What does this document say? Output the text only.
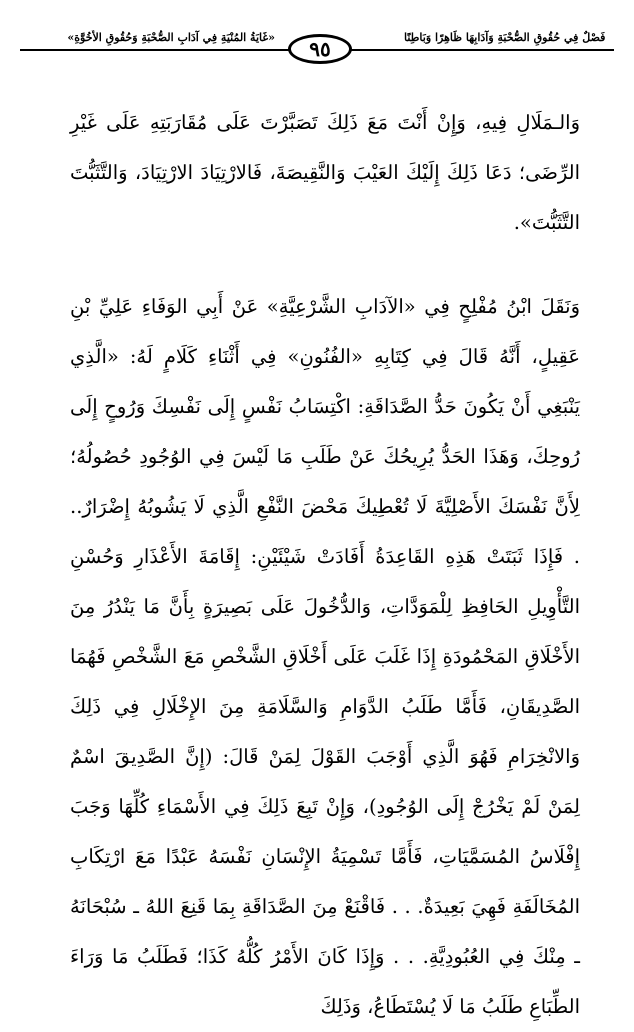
«غَايَةُ المُنْيَةِ فِي آدَابِ الصُّحْبَةِ وَحُقُوقِ الأُخُوَّةِ»	٩٥	فَصْلٌ فِي حُقُوقِ الصُّحْبَةِ وَآدَابِهَا ظَاهِرًا وَبَاطِنًا

وَالـمَلَالِ فِيهِ، وَإِنْ أَنْتَ مَعَ ذَلِكَ تَصَبَّرْتَ عَلَى مُقَارَبَتِهِ عَلَى غَيْرِ الرِّضَى؛ دَعَا ذَلِكَ إِلَيْكَ العَيْبَ وَالنَّقِيصَةَ، فَالارْتِيَادَ الارْتِيَادَ، وَالتَّثَبُّتَ التَّثَبُّتَ».

وَنَقَلَ ابْنُ مُفْلِحٍ فِي «الآدَابِ الشَّرْعِيَّةِ» عَنْ أَبِي الوَفَاءِ عَلِيِّ بْنِ عَقِيلٍ، أَنَّهُ قَالَ فِي كِتَابِهِ «الفُنُونِ» فِي أَثْنَاءِ كَلَامٍ لَهُ: «الَّذِي يَنْبَغِي أَنْ يَكُونَ حَدُّ الصَّدَاقَةِ: اكْتِسَابُ نَفْسٍ إِلَى نَفْسِكَ وَرُوحٍ إِلَى رُوحِكَ، وَهَذَا الحَدُّ يُرِيحُكَ عَنْ طَلَبِ مَا لَيْسَ فِي الوُجُودِ حُصُولُهُ؛ لِأَنَّ نَفْسَكَ الأَصْلِيَّةَ لَا تُعْطِيكَ مَحْضَ النَّفْعِ الَّذِي لَا يَشُوبُهُ إِضْرَارٌ.. . فَإِذَا ثَبَتَتْ هَذِهِ القَاعِدَةُ أَفَادَتْ شَيْئَيْنِ: إِقَامَةَ الأَعْذَارِ وَحُسْنِ التَّأْوِيلِ الحَافِظِ لِلْمَوَدَّاتِ، وَالدُّخُولَ عَلَى بَصِيرَةٍ بِأَنَّ مَا يَنْدُرُ مِنَ الأَخْلَاقِ المَحْمُودَةِ إِذَا غَلَبَ عَلَى أَخْلَاقِ الشَّخْصِ مَعَ الشَّخْصِ فَهُمَا الصَّدِيقَانِ، فَأَمَّا طَلَبُ الدَّوَامِ وَالسَّلَامَةِ مِنَ الإِخْلَالِ فِي ذَلِكَ وَالانْخِرَامِ فَهُوَ الَّذِي أَوْجَبَ القَوْلَ لِمَنْ قَالَ: (إِنَّ الصَّدِيقَ اسْمٌ لِمَنْ لَمْ يَخْرُجْ إِلَى الوُجُودِ)، وَإِنْ تَبِعَ ذَلِكَ فِي الأَسْمَاءِ كُلِّهَا وَجَبَ إِفْلَاسُ المُسَمَّيَاتِ، فَأَمَّا تَسْمِيَةُ الإِنْسَانِ نَفْسَهُ عَبْدًا مَعَ ارْتِكَابِ المُخَالَفَةِ فَهِيَ بَعِيدَةٌ. . . فَاقْنَعْ مِنَ الصَّدَاقَةِ بِمَا قَنِعَ اللهُ ـ سُبْحَانَهُ ـ مِنْكَ فِي العُبُودِيَّةِ. . . وَإِذَا كَانَ الأَمْرُ كُلُّهُ كَذَا؛ فَطَلَبُ مَا وَرَاءَ الطِّبَاعِ طَلَبُ مَا لَا يُسْتَطَاعُ، وَذَلِكَ
